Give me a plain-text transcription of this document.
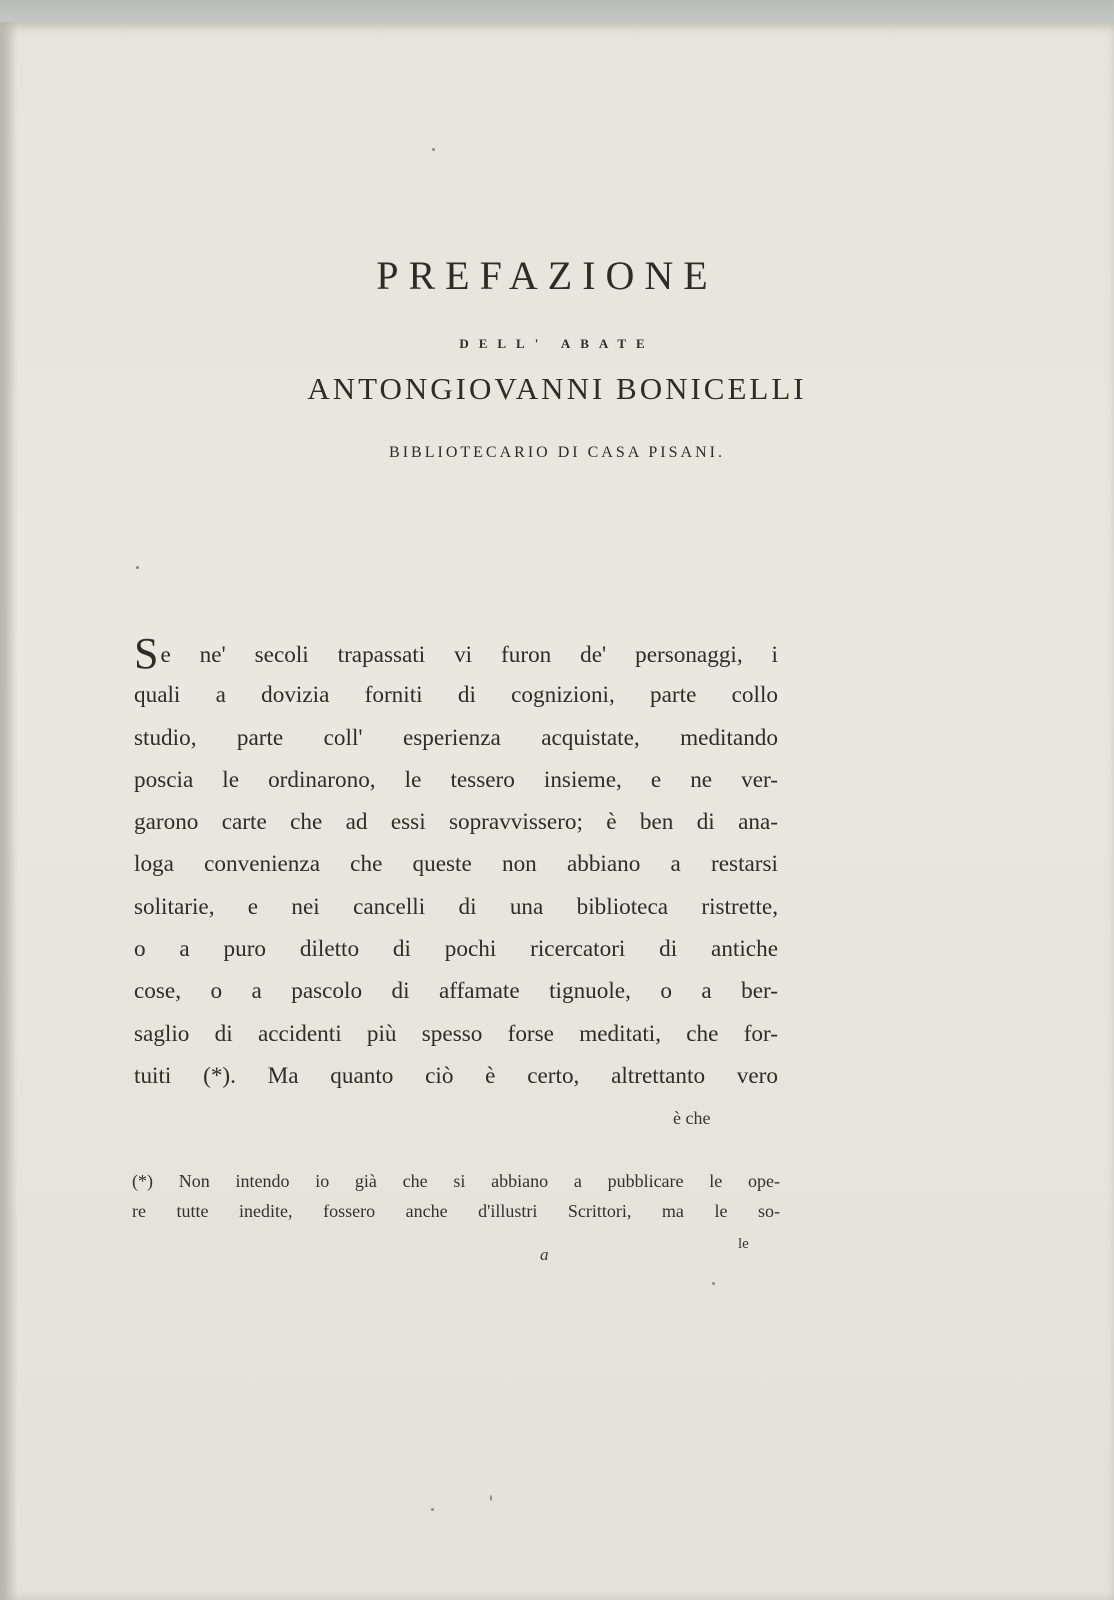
PREFAZIONE
DELL' ABATE
ANTONGIOVANNI BONICELLI
BIBLIOTECARIO DI CASA PISANI.
Se ne' secoli trapassati vi furon de' personaggi, i
quali a dovizia forniti di cognizioni, parte collo
studio, parte coll' esperienza acquistate, meditando
poscia le ordinarono, le tessero insieme, e ne ver-
garono carte che ad essi sopravvissero; è ben di ana-
loga convenienza che queste non abbiano a restarsi
solitarie, e nei cancelli di una biblioteca ristrette,
o a puro diletto di pochi ricercatori di antiche
cose, o a pascolo di affamate tignuole, o a ber-
saglio di accidenti più spesso forse meditati, che for-
tuiti (*). Ma quanto ciò è certo, altrettanto vero
è che
(*) Non intendo io già che si abbiano a pubblicare le ope-
re tutte inedite, fossero anche d'illustri Scrittori, ma le so-
a
le
